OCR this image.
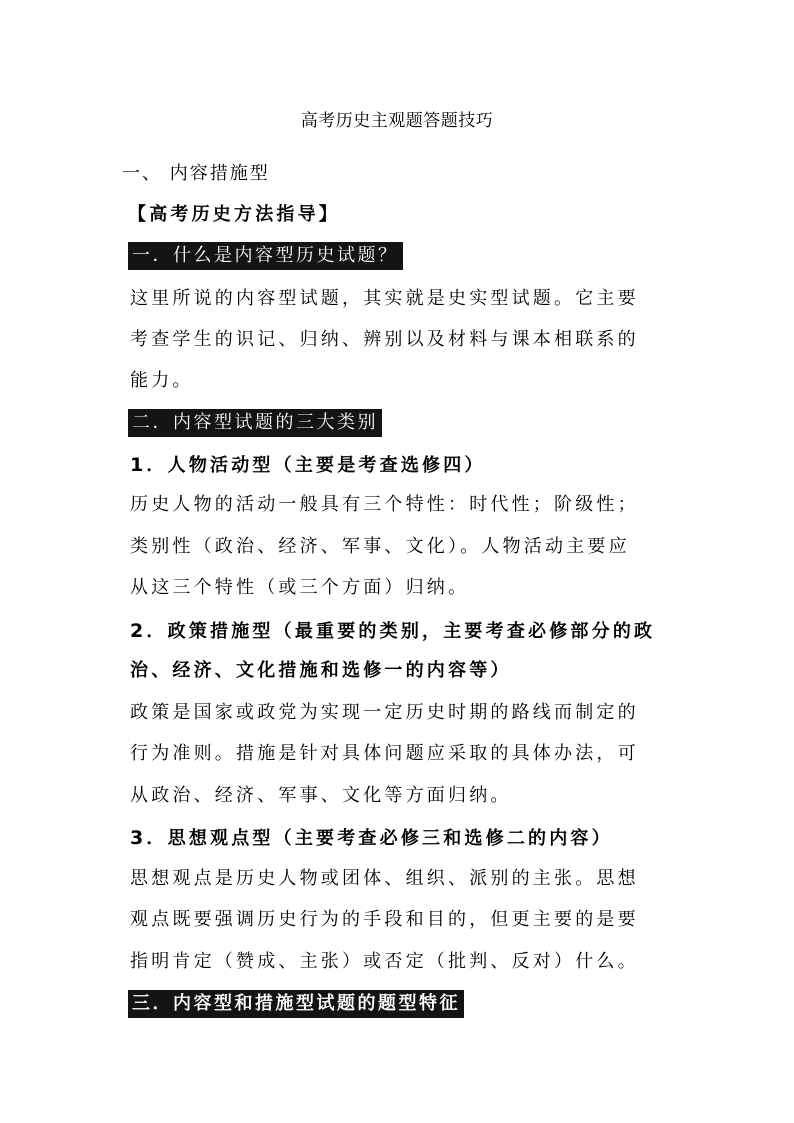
高考历史主观题答题技巧
一、 内容措施型
【高考历史方法指导】
一．什么是内容型历史试题？
这里所说的内容型试题，其实就是史实型试题。它主要
考查学生的识记、归纳、辨别以及材料与课本相联系的
能力。
二．内容型试题的三大类别
1．人物活动型（主要是考查选修四）
历史人物的活动一般具有三个特性：时代性；阶级性；
类别性（政治、经济、军事、文化）。人物活动主要应
从这三个特性（或三个方面）归纳。
2．政策措施型（最重要的类别，主要考查必修部分的政
治、经济、文化措施和选修一的内容等）
政策是国家或政党为实现一定历史时期的路线而制定的
行为准则。措施是针对具体问题应采取的具体办法，可
从政治、经济、军事、文化等方面归纳。
3．思想观点型（主要考查必修三和选修二的内容）
思想观点是历史人物或团体、组织、派别的主张。思想
观点既要强调历史行为的手段和目的，但更主要的是要
指明肯定（赞成、主张）或否定（批判、反对）什么。
三．内容型和措施型试题的题型特征
